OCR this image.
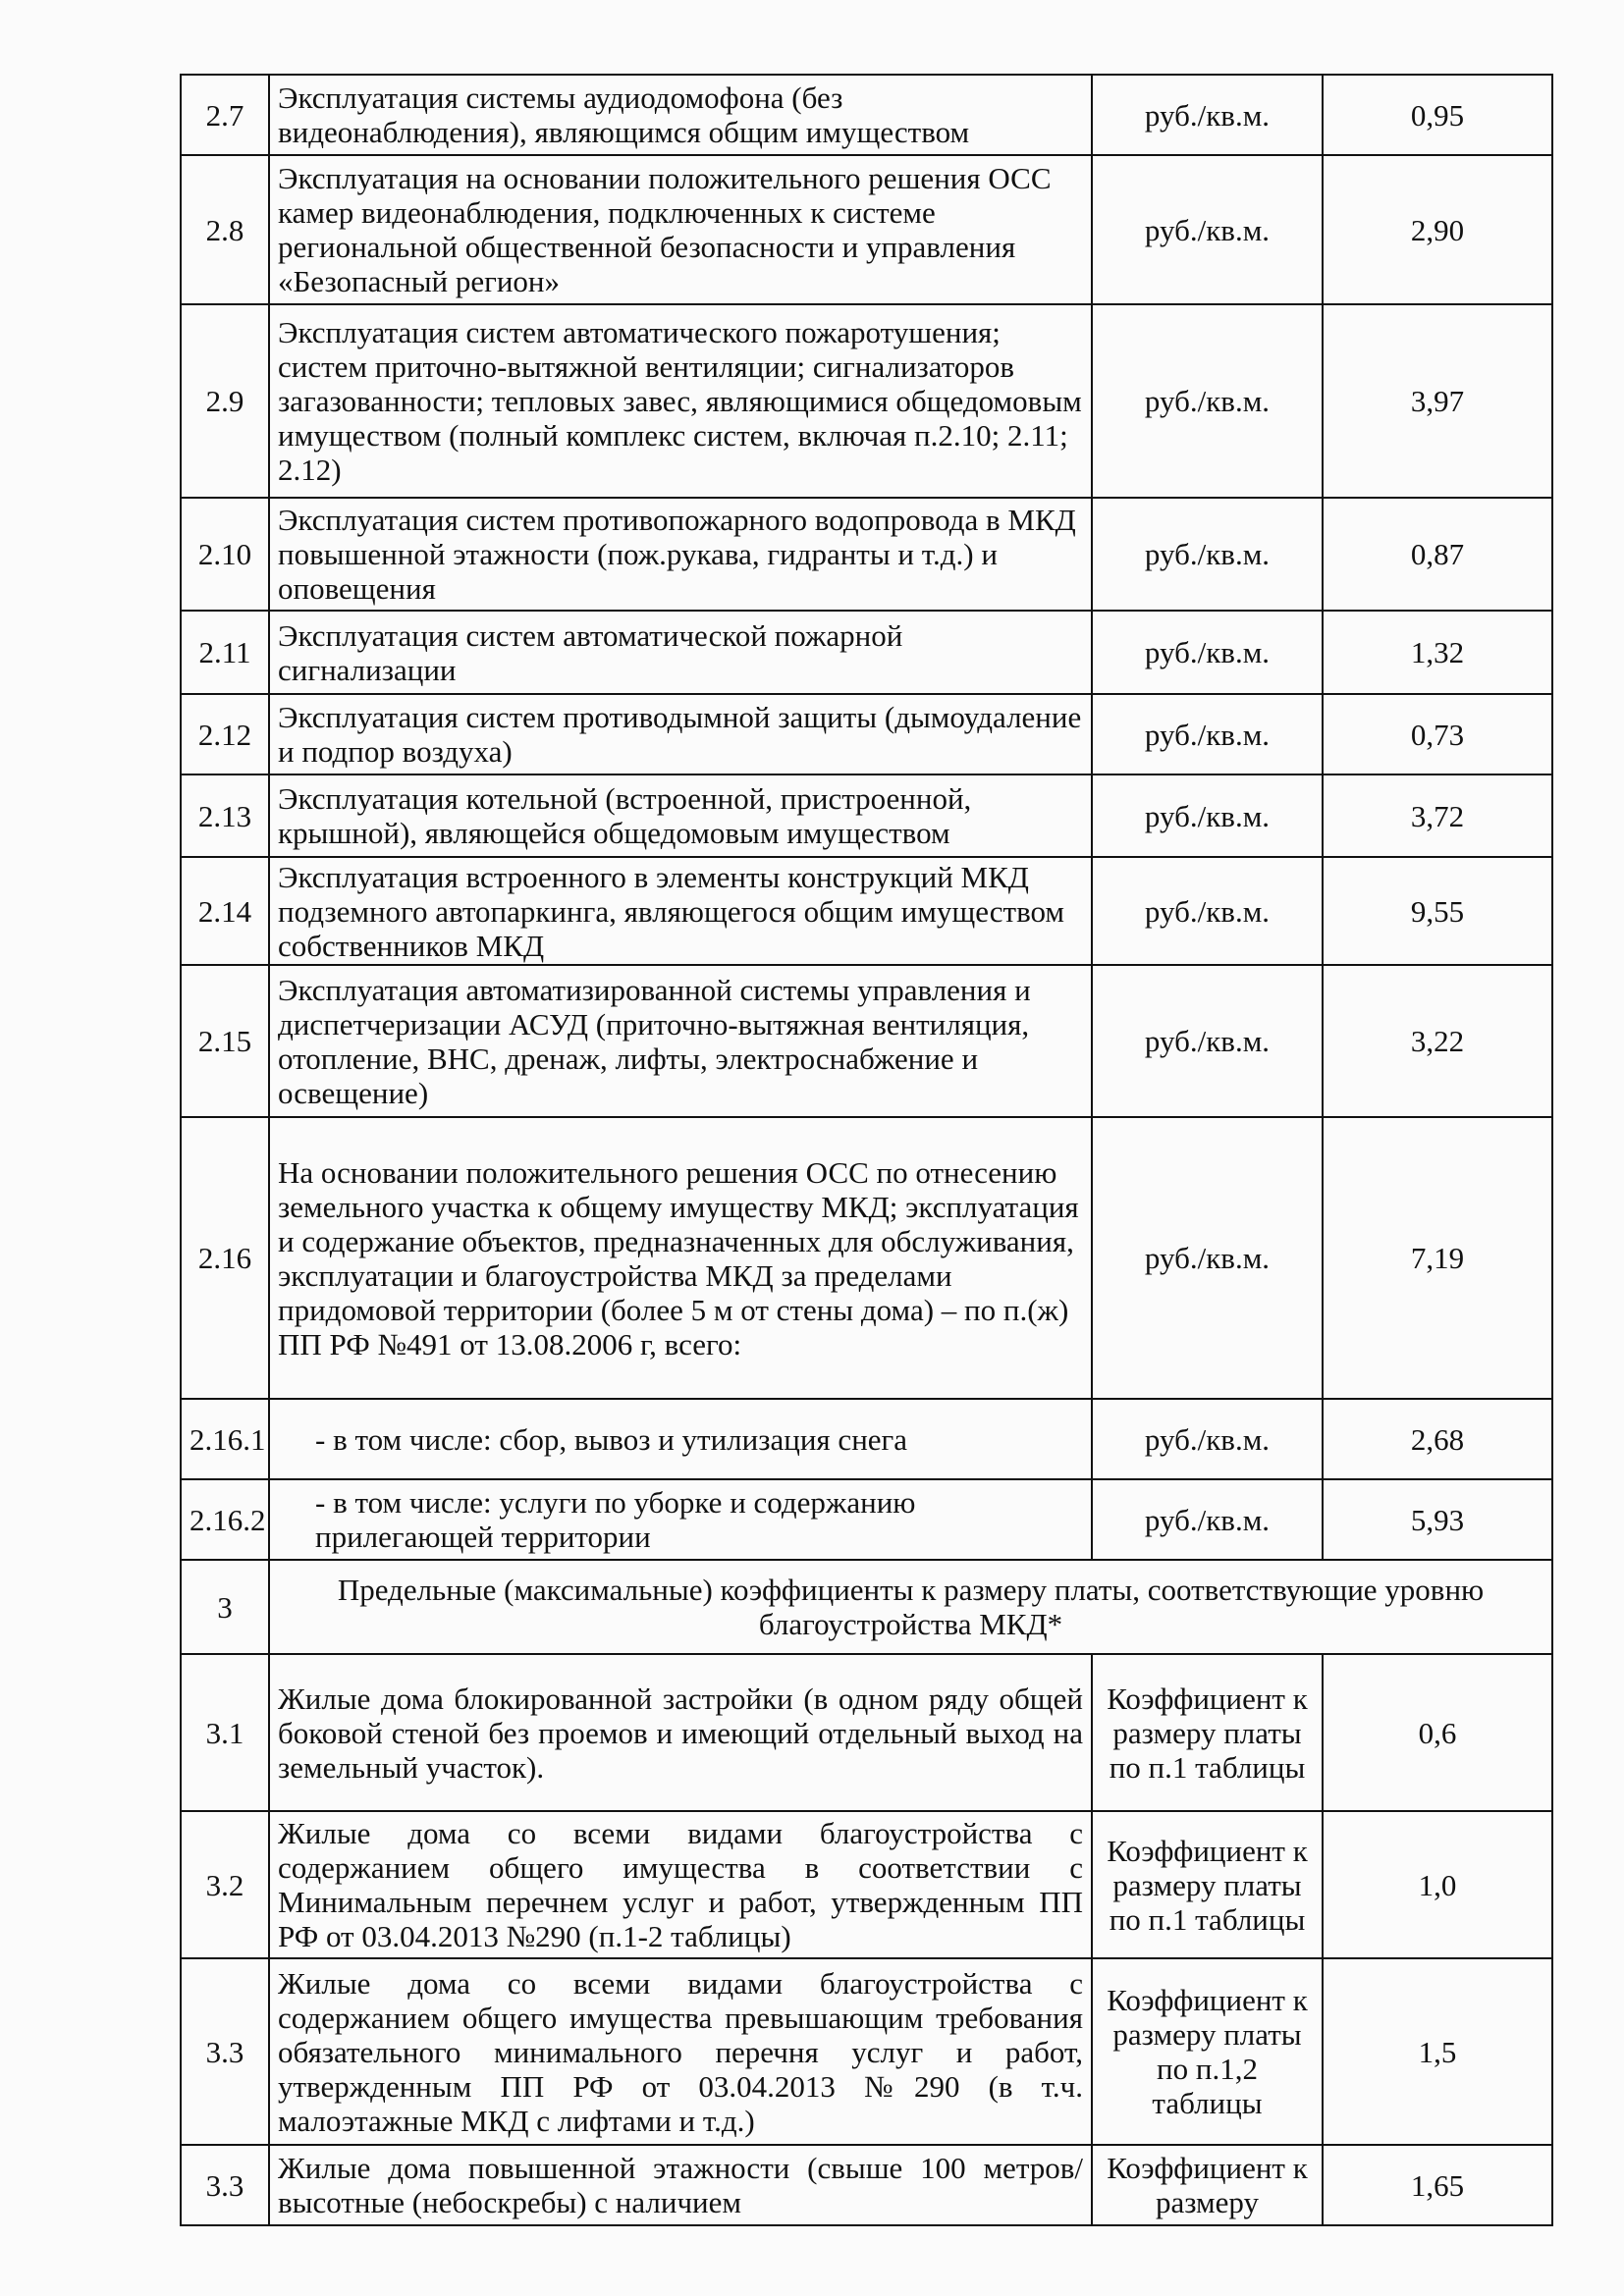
2.7	Эксплуатация системы аудиодомофона (без видеонаблюдения), являющимся общим имуществом	руб./кв.м.	0,95
2.8	Эксплуатация на основании положительного решения ОСС камер видеонаблюдения, подключенных к системе региональной общественной безопасности и управления «Безопасный регион»	руб./кв.м.	2,90
2.9	Эксплуатация систем автоматического пожаротушения; систем приточно-вытяжной вентиляции; сигнализаторов загазованности; тепловых завес, являющимися общедомовым имуществом (полный комплекс систем, включая п.2.10; 2.11; 2.12)	руб./кв.м.	3,97
2.10	Эксплуатация систем противопожарного водопровода в МКД повышенной этажности (пож.рукава, гидранты и т.д.) и оповещения	руб./кв.м.	0,87
2.11	Эксплуатация систем автоматической пожарной сигнализации	руб./кв.м.	1,32
2.12	Эксплуатация систем противодымной защиты (дымоудаление и подпор воздуха)	руб./кв.м.	0,73
2.13	Эксплуатация котельной (встроенной, пристроенной, крышной), являющейся общедомовым имуществом	руб./кв.м.	3,72
2.14	Эксплуатация встроенного в элементы конструкций МКД подземного автопаркинга, являющегося общим имуществом собственников МКД	руб./кв.м.	9,55
2.15	Эксплуатация автоматизированной системы управления и диспетчеризации АСУД (приточно-вытяжная вентиляция, отопление, ВНС, дренаж, лифты, электроснабжение и освещение)	руб./кв.м.	3,22
2.16	На основании положительного решения ОСС по отнесению земельного участка к общему имуществу МКД; эксплуатация и содержание объектов, предназначенных для обслуживания, эксплуатации и благоустройства МКД за пределами придомовой территории (более 5 м от стены дома) – по п.(ж) ПП РФ №491 от 13.08.2006 г, всего:	руб./кв.м.	7,19
2.16.1	- в том числе: сбор, вывоз и утилизация снега	руб./кв.м.	2,68
2.16.2	- в том числе: услуги по уборке и содержанию прилегающей территории	руб./кв.м.	5,93
3	Предельные (максимальные) коэффициенты к размеру платы, соответствующие уровню благоустройства МКД*		
3.1	Жилые дома блокированной застройки (в одном ряду общей боковой стеной без проемов и имеющий отдельный выход на земельный участок).	Коэффициент к размеру платы по п.1 таблицы	0,6
3.2	Жилые дома со всеми видами благоустройства с содержанием общего имущества в соответствии с Минимальным перечнем услуг и работ, утвержденным ПП РФ от 03.04.2013 №290 (п.1-2 таблицы)	Коэффициент к размеру платы по п.1 таблицы	1,0
3.3	Жилые дома со всеми видами благоустройства с содержанием общего имущества превышающим требования обязательного минимального перечня услуг и работ, утвержденным ПП РФ от 03.04.2013 №290 (в т.ч. малоэтажные МКД с лифтами и т.д.)	Коэффициент к размеру платы по п.1,2 таблицы	1,5
3.3	Жилые дома повышенной этажности (свыше 100 метров/ высотные (небоскребы) с наличием	Коэффициент к размеру	1,65
